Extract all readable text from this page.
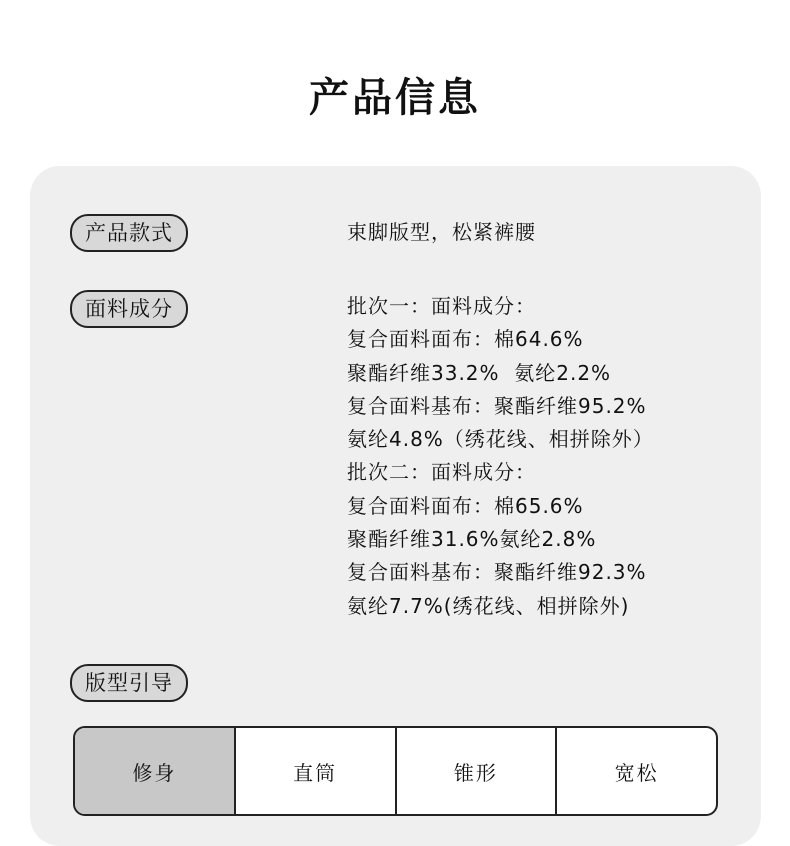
产品信息
产品款式	束脚版型，松紧裤腰
面料成分	批次一：面料成分：
复合面料面布：棉64.6%
聚酯纤维33.2%  氨纶2.2%
复合面料基布：聚酯纤维95.2%
氨纶4.8%（绣花线、相拼除外）
批次二：面料成分：
复合面料面布：棉65.6%
聚酯纤维31.6%氨纶2.8%
复合面料基布：聚酯纤维92.3%
氨纶7.7%(绣花线、相拼除外)
版型引导
修身	直筒	锥形	宽松
